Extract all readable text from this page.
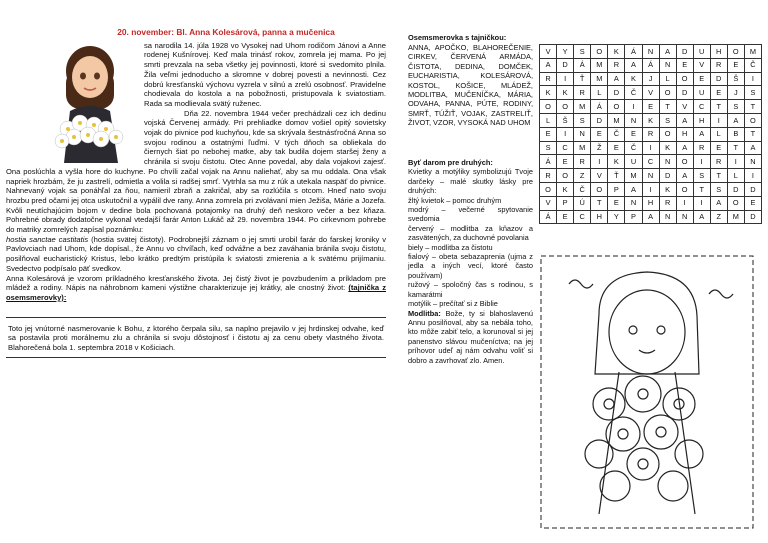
20. november: Bl. Anna Kolesárová, panna a mučenica

sa narodila 14. júla 1928 vo Vysokej nad Uhom rodičom Jánovi a Anne rodenej Kušnírovej. Keď mala trinásť rokov, zomrela jej mama. Po jej smrti prevzala na seba všetky jej povinnosti, ktoré si svedomito plnila. Žila veľmi jednoducho a skromne v dobrej povesti a nevinnosti. Cez dobrú kresťanskú výchovu vyzrela v silnú a zrelú osobnosť. Pravidelne chodievala do kostola a na pobožnosti, pristupovala k sviatostiam. Rada sa modlievala svätý ruženec.

Dňa 22. novembra 1944 večer prechádzali cez ich dedinu vojská Červenej armády. Pri prehliadke domov vošiel opitý sovietsky vojak do pivnice pod kuchyňou, kde sa skrývala šestnásťročná Anna so svojou rodinou a ostatnými ľuďmi. V tých dňoch sa obliekala do čiernych šiat po nebohej matke, aby tak budila dojem staršej ženy a chránila si svoju čistotu. Otec Anne povedal, aby dala vojakovi zajesť. Ona poslúchla a vyšla hore do kuchyne. Po chvíli začal vojak na Annu naliehať, aby sa mu oddala. Ona však napriek hrozbám, že ju zastrelí, odmietla a volila si radšej smrť. Vytrhla sa mu z rúk a utekala naspäť do pivnice. Nahnevaný vojak sa ponáhľal za ňou, namieril zbraň a zakričal, aby sa rozlúčila s otcom. Hneď nato svoju hrozbu pred očami jej otca uskutočnil a vypálil dve rany. Anna zomrela pri zvolávaní mien Ježiša, Márie a Jozefa. Kvôli neutíchajúcim bojom v dedine bola pochovaná potajomky na druhý deň neskoro večer a bez kňaza. Pohrebné obrady dodatočne vykonal vtedajší farár Anton Lukáč až 29. novembra 1944. Po cirkevnom pohrebe do matriky zomrelých zapísal poznámku:

hostia sanctae castitatis (hostia svätej čistoty). Podrobnejší záznam o jej smrti urobil farár do farskej kroniky v Pavlovciach nad Uhom, kde dopísal., že Annu vo chvíľach, keď odvážne a bez zaváhania bránila svoju čistotu, posilňoval eucharistický Kristus, lebo krátko predtým pristúpila k sviatosti zmierenia a k svätému prijímaniu. Svedectvo podpísalo päť svedkov.

Anna Kolesárová je vzorom príkladného kresťanského života. Jej čistý život je povzbudením a príkladom pre mládež a rodiny. Nápis na náhrobnom kameni výstižne charakterizuje jej krátky, ale cnostný život: (tajnička z osemsmerovky):

Toto jej vnútorné nasmerovanie k Bohu, z ktorého čerpala silu, sa naplno prejavilo v jej hrdinskej odvahe, keď sa postavila proti morálnemu zlu a chránila si svoju dôstojnosť i čistotu aj za cenu obety vlastného života. Blahorečená bola 1. septembra 2018 v Košiciach.
Osemsmerovka s tajničkou:
ANNA, APOČKO, BLAHOREČENIE, CIRKEV, ČERVENÁ ARMÁDA, ČISTOTA, DEDINA, DOMČEK, EUCHARISTIA, KOLESÁROVÁ, KOSTOL, KOŠICE, MLÁDEŽ, MODLITBA, MUČENÍČKA, MÁRIA, ODVAHA, PANNA, PÚTE, RODINY, SMRŤ, TÚŽIŤ, VOJAK, ZASTRELIŤ, ŽIVOT, VZOR, VYSOKÁ NAD UHOM
V	Y	S	O	K	Á	N	A	D	U	H	O	M
A	D	Á	M	R	A	Á	N	E	V	R	E	Č
R	I	Ť	M	A	K	J	L	O	E	D	Š	I
K	K	R	L	D	Č	V	O	D	U	E	J	S
O	O	M	Á	O	I	E	T	V	C	T	S	T
L	Š	S	D	M	N	K	S	A	H	I	A	O
E	I	N	E	Č	E	R	O	H	A	L	B	T
S	C	M	Ž	E	Č	I	K	A	R	E	T	A
Á	E	R	I	K	U	C	N	O	I	R	I	N
R	O	Z	V	Ť	M	N	D	A	S	T	L	I
O	K	Č	O	P	A	I	K	O	T	S	D	D
V	P	Ú	T	E	N	H	R	I	I	A	O	E
Á	E	C	H	Y	P	A	N	N	A	Z	M	D
Byť darom pre druhých:
Kvietky a motýliky symbolizujú Tvoje darčeky – malé skutky lásky pre druhých:
žltý kvietok – pomoc druhým
modrý – večerné spytovanie svedomia
červený – modlitba za kňazov a zasvätených, za duchovné povolania
biely – modlitba za čistotu
fialový – obeta sebazaprenia (ujma z jedla a iných vecí, ktoré často používam)
ružový – spoločný čas s rodinou, s kamarátmi
motýlik – prečítať si z Biblie
Modlitba: Bože, ty si blahoslavenú Annu posilňoval, aby sa nebála toho, kto môže zabiť telo, a korunoval si jej panenstvo slávou mučeníctva; na jej príhovor udeľ aj nám odvahu voliť si dobro a zavrhovať zlo. Amen.
